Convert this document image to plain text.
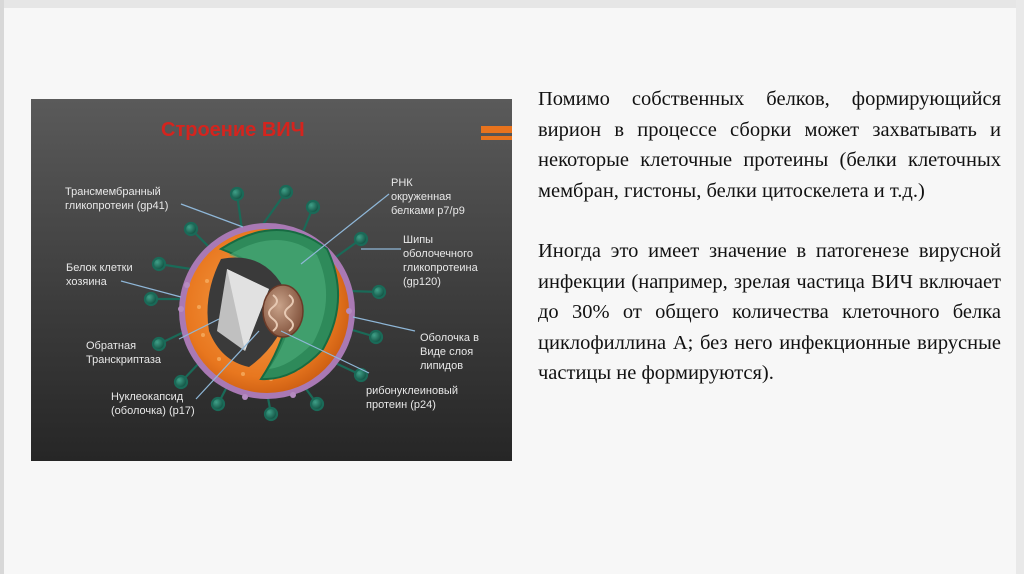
Строение ВИЧ
Трансмембранный
гликопротеин (gp41)
Белок клетки
хозяина
Обратная
Транскриптаза
Нуклеокапсид
(оболочка) (р17)
РНК
окруженная
белками р7/р9
Шипы
оболочечного
гликопротеина
(gp120)
Оболочка в
Виде слоя
липидов
рибонуклеиновый
протеин (р24)

Помимо собственных белков, формирующийся вирион в процессе сборки может захватывать и некоторые клеточные протеины (белки клеточных мембран, гистоны, белки цитоскелета и т.д.)

Иногда это имеет значение в патогенезе вирусной инфекции (например, зрелая частица ВИЧ включает до 30% от общего количества клеточного белка циклофиллина А; без него инфекционные вирусные частицы не формируются).
